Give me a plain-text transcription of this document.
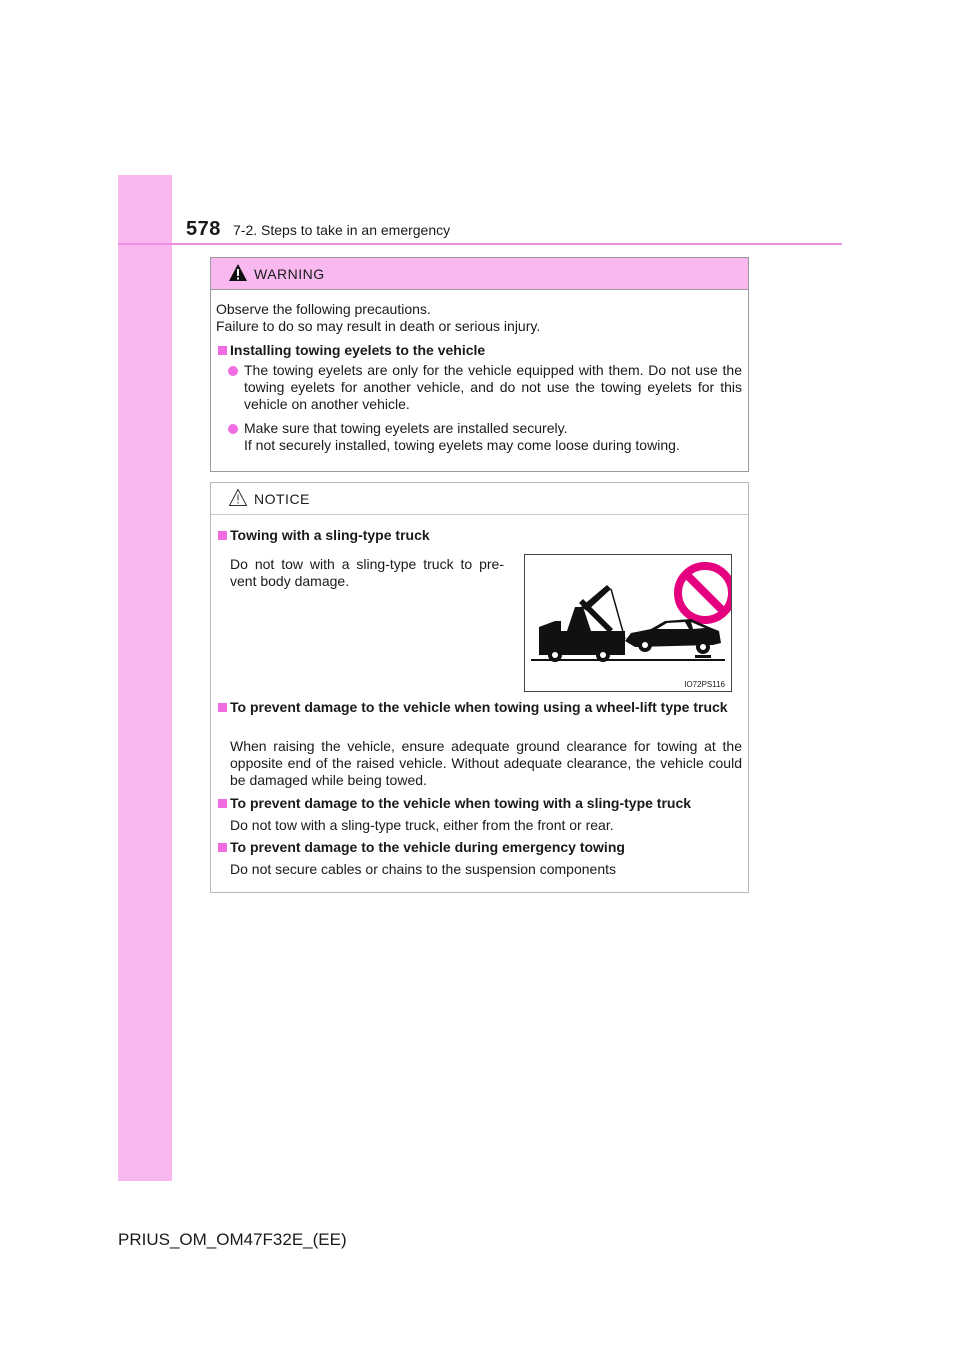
578 7-2. Steps to take in an emergency
WARNING
Observe the following precautions.
Failure to do so may result in death or serious injury.
Installing towing eyelets to the vehicle
The towing eyelets are only for the vehicle equipped with them. Do not use the towing eyelets for another vehicle, and do not use the towing eyelets for this vehicle on another vehicle.
Make sure that towing eyelets are installed securely.
If not securely installed, towing eyelets may come loose during towing.
NOTICE
Towing with a sling-type truck
Do not tow with a sling-type truck to pre- vent body damage.
IO72PS116
To prevent damage to the vehicle when towing using a wheel-lift type truck
When raising the vehicle, ensure adequate ground clearance for towing at the opposite end of the raised vehicle. Without adequate clearance, the vehicle could be damaged while being towed.
To prevent damage to the vehicle when towing with a sling-type truck
Do not tow with a sling-type truck, either from the front or rear.
To prevent damage to the vehicle during emergency towing
Do not secure cables or chains to the suspension components
PRIUS_OM_OM47F32E_(EE)
